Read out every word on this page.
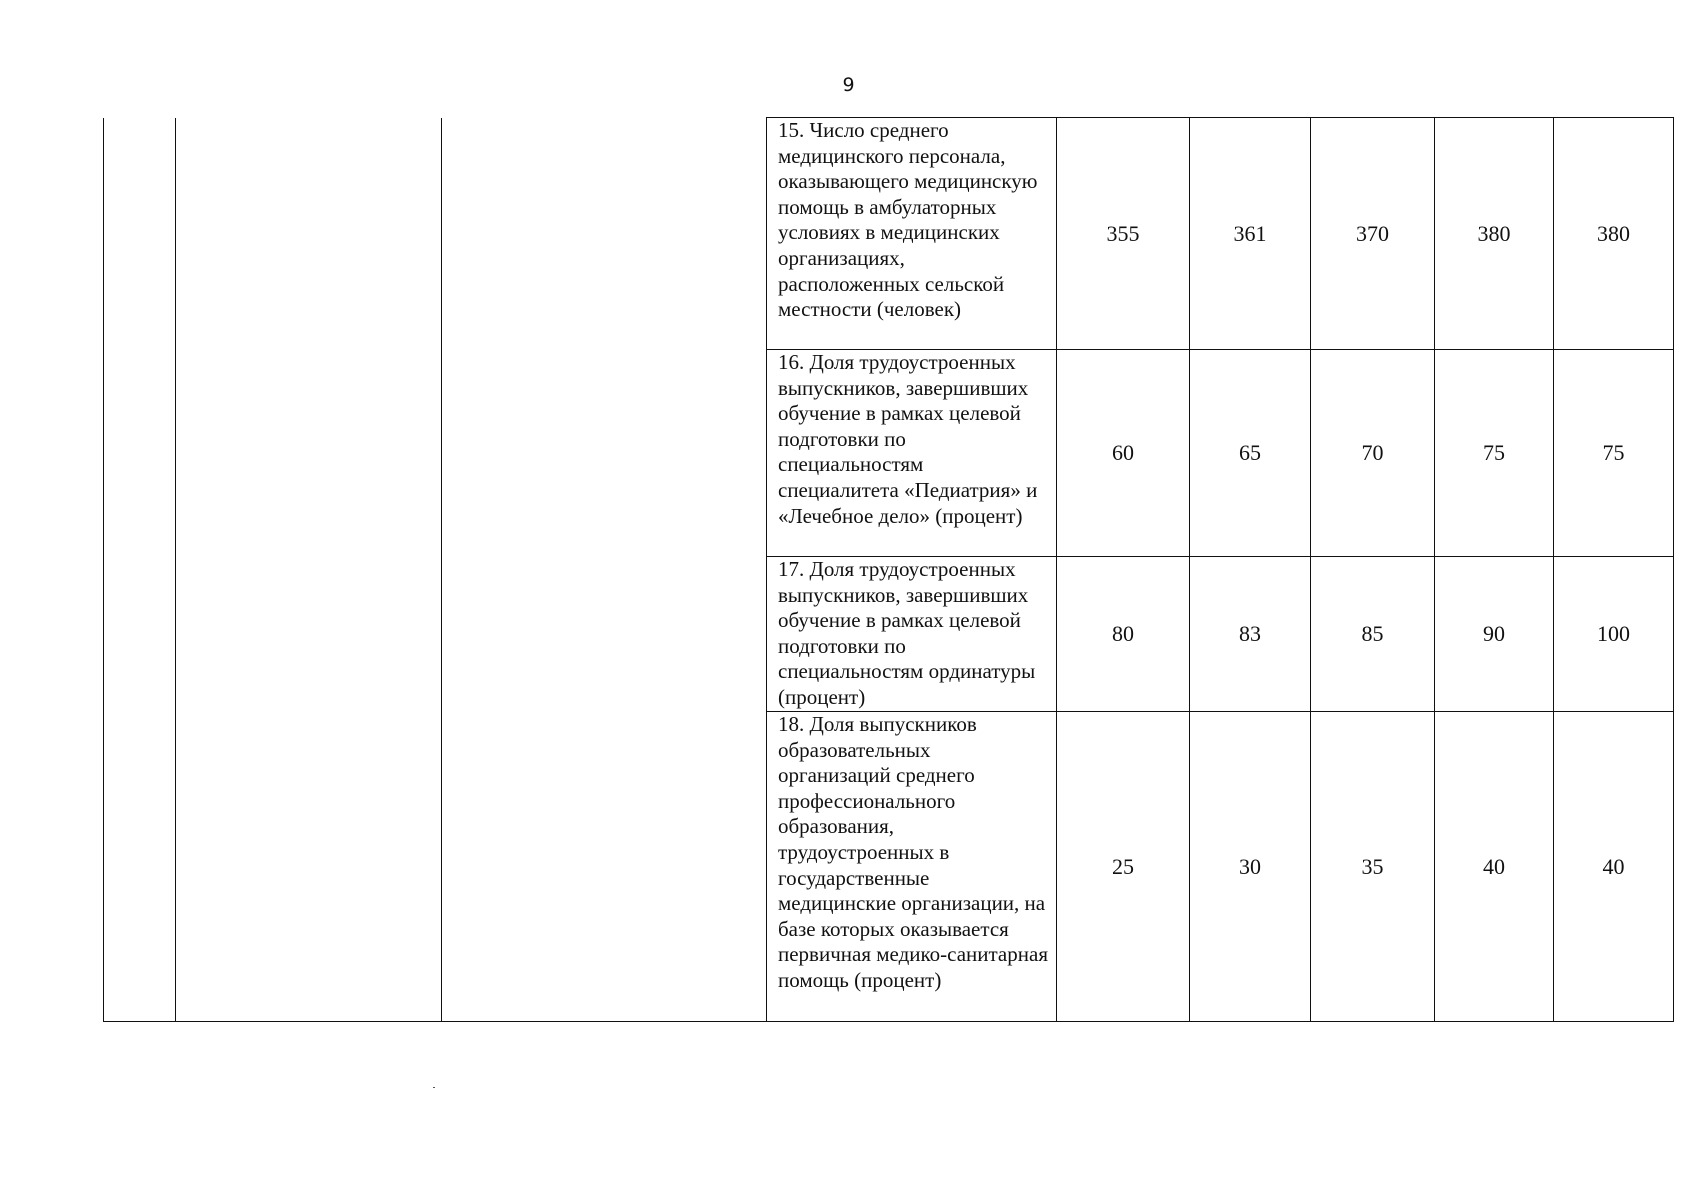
9
			15. Число среднего медицинского персонала, оказывающего медицинскую помощь в амбулаторных условиях в медицинских организациях, расположенных сельской местности (человек)	355	361	370	380	380
			16. Доля трудоустроенных выпускников, завершивших обучение в рамках целевой подготовки по специальностям специалитета «Педиатрия» и «Лечебное дело» (процент)	60	65	70	75	75
			17. Доля трудоустроенных выпускников, завершивших обучение в рамках целевой подготовки по специальностям ординатуры (процент)	80	83	85	90	100
			18. Доля выпускников образовательных организаций среднего профессионального образования, трудоустроенных в государственные медицинские организации, на базе которых оказывается первичная медико-санитарная помощь (процент)	25	30	35	40	40
